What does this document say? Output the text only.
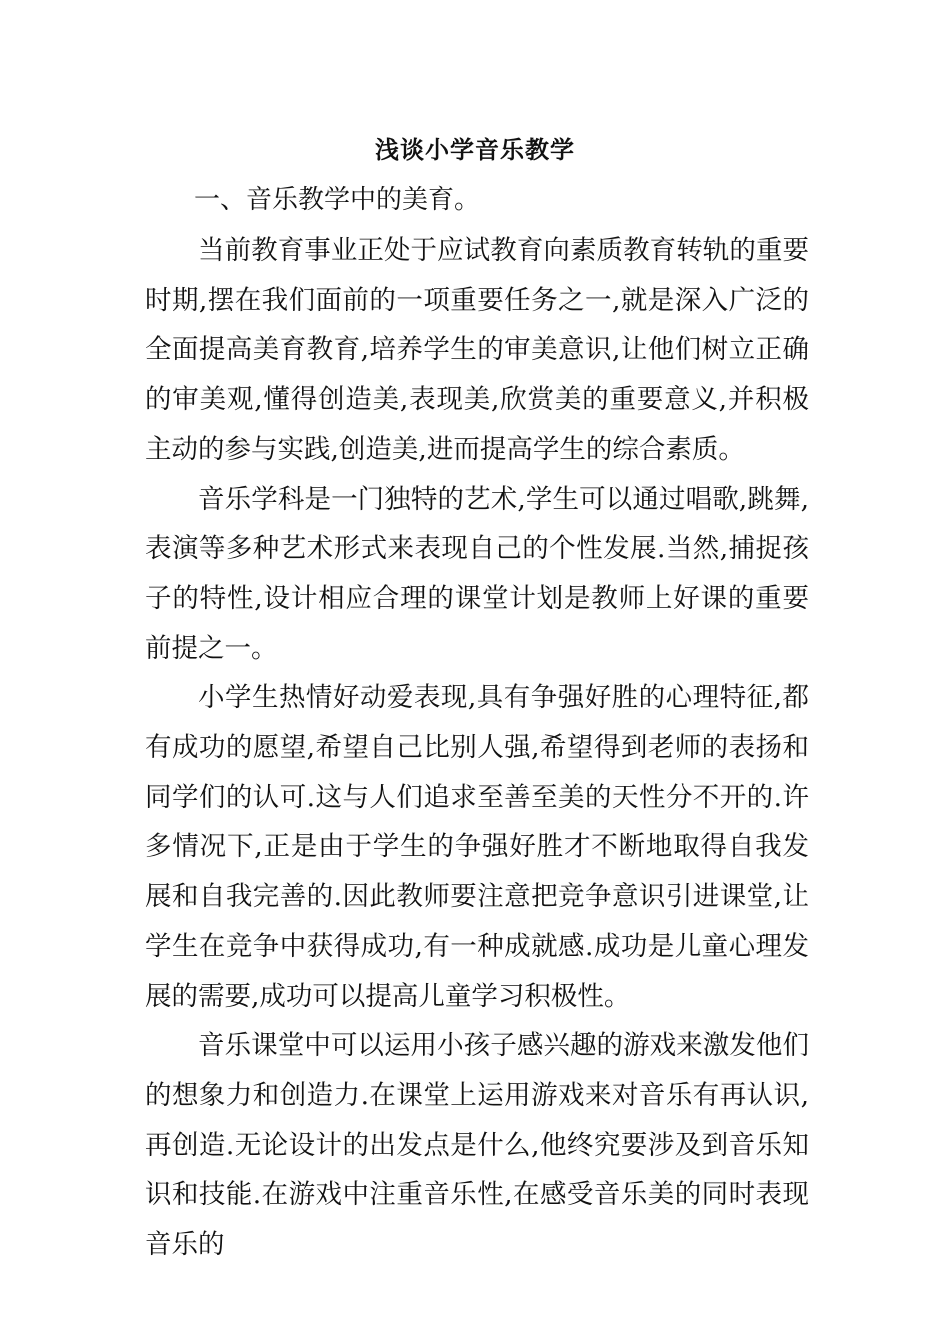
浅谈小学音乐教学
一、音乐教学中的美育。

当前教育事业正处于应试教育向素质教育转轨的重要时期,摆在我们面前的一项重要任务之一,就是深入广泛的全面提高美育教育,培养学生的审美意识,让他们树立正确的审美观,懂得创造美,表现美,欣赏美的重要意义,并积极主动的参与实践,创造美,进而提高学生的综合素质。

音乐学科是一门独特的艺术,学生可以通过唱歌,跳舞,表演等多种艺术形式来表现自己的个性发展.当然,捕捉孩子的特性,设计相应合理的课堂计划是教师上好课的重要前提之一。

小学生热情好动爱表现,具有争强好胜的心理特征,都有成功的愿望,希望自己比别人强,希望得到老师的表扬和同学们的认可.这与人们追求至善至美的天性分不开的.许多情况下,正是由于学生的争强好胜才不断地取得自我发展和自我完善的.因此教师要注意把竞争意识引进课堂,让学生在竞争中获得成功,有一种成就感.成功是儿童心理发展的需要,成功可以提高儿童学习积极性。

音乐课堂中可以运用小孩子感兴趣的游戏来激发他们的想象力和创造力.在课堂上运用游戏来对音乐有再认识,再创造.无论设计的出发点是什么,他终究要涉及到音乐知识和技能.在游戏中注重音乐性,在感受音乐美的同时表现音乐的
